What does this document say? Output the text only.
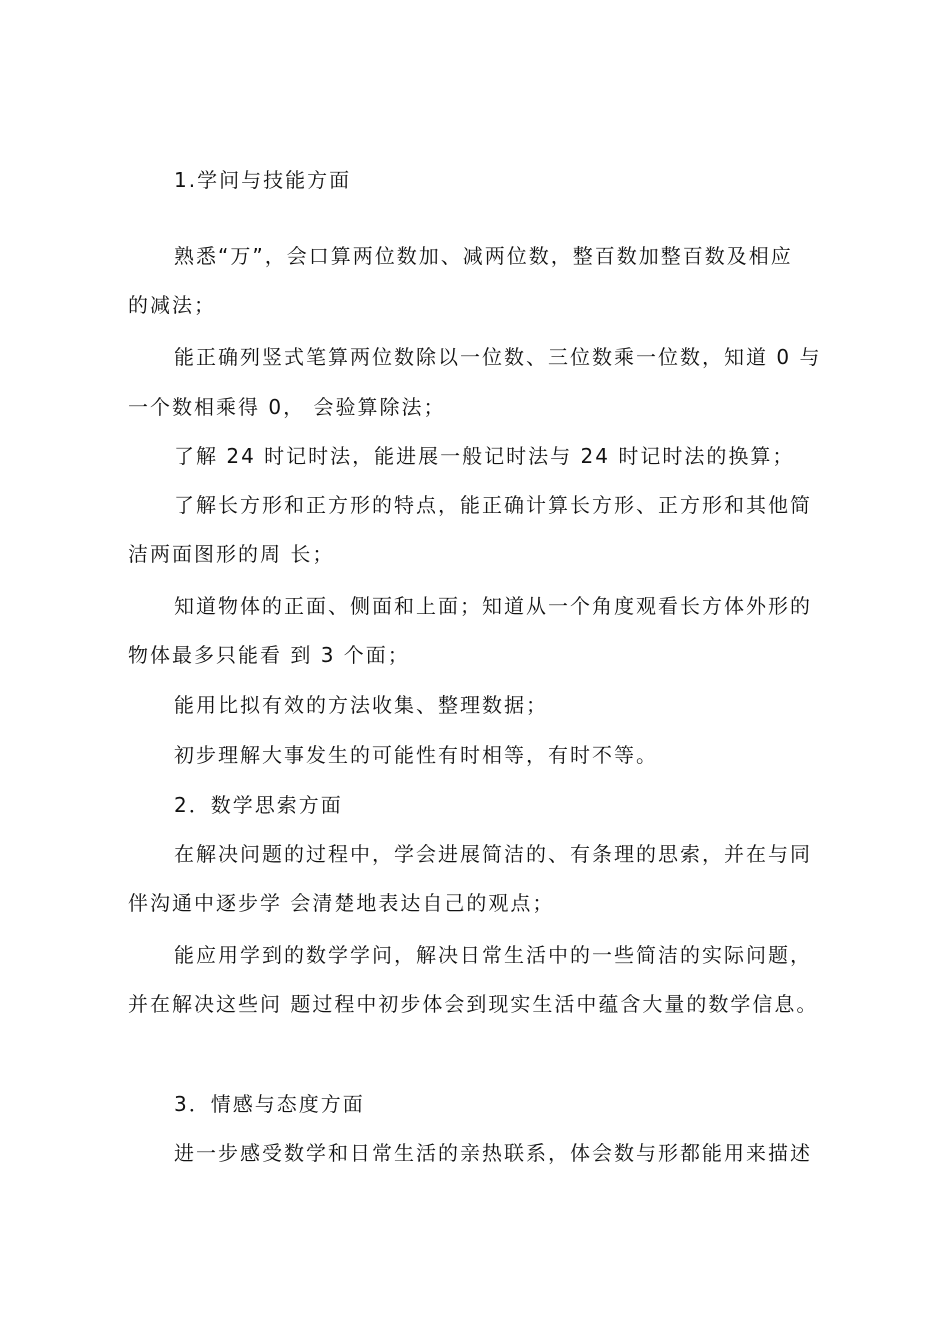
1.学问与技能方面
熟悉“万”，会口算两位数加、减两位数，整百数加整百数及相应
的减法；
能正确列竖式笔算两位数除以一位数、三位数乘一位数，知道 0 与
一个数相乘得 0， 会验算除法；
了解 24 时记时法，能进展一般记时法与 24 时记时法的换算；
了解长方形和正方形的特点，能正确计算长方形、正方形和其他简
洁两面图形的周 长；
知道物体的正面、侧面和上面；知道从一个角度观看长方体外形的
物体最多只能看 到 3 个面；
能用比拟有效的方法收集、整理数据；
初步理解大事发生的可能性有时相等，有时不等。
2．数学思索方面
在解决问题的过程中，学会进展简洁的、有条理的思索，并在与同
伴沟通中逐步学 会清楚地表达自己的观点；
能应用学到的数学学问，解决日常生活中的一些简洁的实际问题，
并在解决这些问 题过程中初步体会到现实生活中蕴含大量的数学信息。
3．情感与态度方面
进一步感受数学和日常生活的亲热联系，体会数与形都能用来描述
